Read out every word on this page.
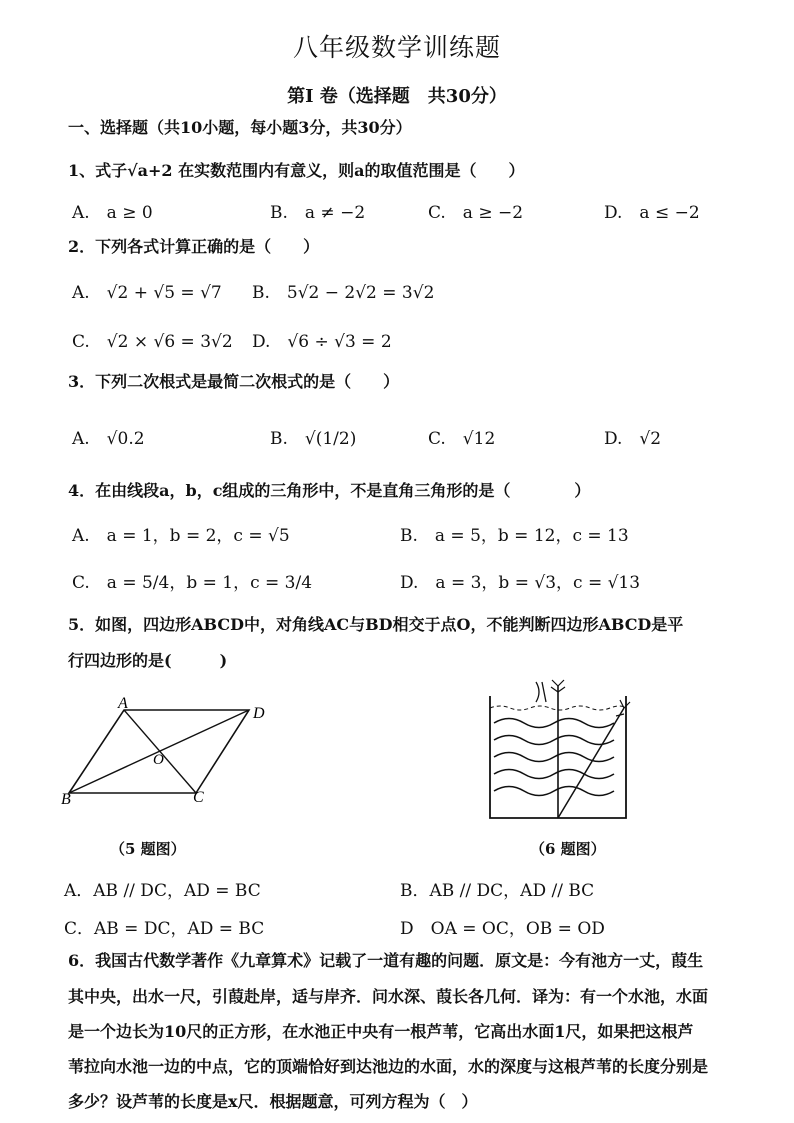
八年级数学训练题
第Ⅰ 卷（选择题　共30分）
一、选择题（共10小题，每小题3分，共30分）
1、式子√a+2 在实数范围内有意义，则a的取值范围是（　　）
A.　a ≥ 0	B.　a ≠ −2	C.　a ≥ −2	D.　a ≤ −2
2．下列各式计算正确的是（　　）
A.　√2 + √5 = √7 B.　5√2 − 2√2 = 3√2
C.　√2 × √6 = 3√2 D.　√6 ÷ √3 = 2
3．下列二次根式是最简二次根式的是（　　）
A.　√0.2	B.　√(1/2)	C.　√12	D.　√2
4．在由线段a，b，c组成的三角形中，不是直角三角形的是（　　　　）
A.　a = 1，b = 2，c = √5	B.　a = 5，b = 12，c = 13
C.　a = 5/4，b = 1，c = 3/4	D.　a = 3，b = √3，c = √13
5．如图，四边形ABCD中，对角线AC与BD相交于点O，不能判断四边形ABCD是平
行四边形的是(　　　)
A
D
B	C
O
（5 题图）	（6 题图）
A．AB // DC，AD = BC	B．AB // DC，AD // BC
C．AB = DC，AD = BC	D　OA = OC，OB = OD
6．我国古代数学著作《九章算术》记载了一道有趣的问题．原文是：今有池方一丈，葭生
其中央，出水一尺，引葭赴岸，适与岸齐．问水深、葭长各几何．译为：有一个水池，水面
是一个边长为10尺的正方形，在水池正中央有一根芦苇，它高出水面1尺，如果把这根芦
苇拉向水池一边的中点，它的顶端恰好到达池边的水面，水的深度与这根芦苇的长度分别是
多少？设芦苇的长度是x尺．根据题意，可列方程为（　）
